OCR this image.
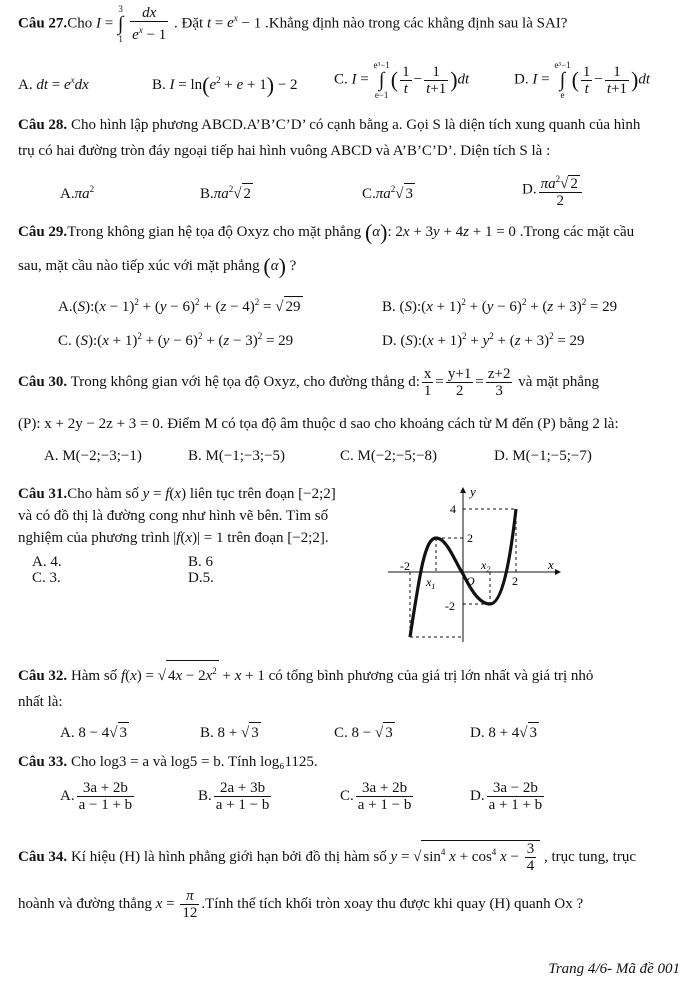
Câu 27.Cho I =
3
∫
1
$\frac{dx}{e^x - 1}$ . Đặt $t = e^x - 1$ .Khẳng định nào trong các khẳng định sau là SAI?
A. dt = $e^xdx$	B. $I = \ln(e^2 + e + 1) - 2$ C. I =
e³−1
∫
e−1
( $\frac{1}{t} - \frac{1}{t+1} )dt$	D. I =
e³−1
∫
e
( $\frac{1}{t} - \frac{1}{t+1} )dt$
Câu 28. Cho hình lập phương ABCD.A’B’C’D’ có cạnh bằng a. Gọi S là diện tích xung quanh của hình
trụ có hai đường tròn đáy ngoại tiếp hai hình vuông ABCD và A’B’C’D’. Diện tích S là :
$A.\pi a^2$	$B.\pi a^2√$ 2	$C.\pi a^2√$ 3	D. $\frac{\pi a^2√ 2}{2}$
Câu 29.Trong không gian hệ tọa độ Oxyz cho mặt phẳng (α): 2x + 3y + 4z + 1 = 0 .Trong các mặt cầu
sau, mặt cầu nào tiếp xúc với mặt phẳng (α) ?
A.(S):(x − $1)^2 + (y - 6)^2 + (z - 4)^2$ = √ 29	B. (S):(x + $1)^2 + (y - 6)^2 + (z + 3)^2 = 29$
C. (S):(x + $1)^2 + (y - 6)^2 + (z - 3)^2 = 29$	D. (S):(x + $1)^2 + y^2 + (z + 3)^2 = 29$
Câu 30. Trong không gian với hệ tọa độ Oxyz, cho đường thẳng d: $\frac{x}{1} = \frac{y+1}{2} = \frac{z+2}{3}$ và mặt phẳng
(P): x + 2y − 2z + 3 = 0. Điểm M có tọa độ âm thuộc d sao cho khoảng cách từ M đến (P) bằng 2 là:
A. M(−2;−3;−1)	B. M(−1;−3;−5)	C. M(−2;−5;−8)	D. M(−1;−5;−7)
Câu 31.Cho hàm số y = f(x) liên tục trên đoạn [−2;2]
và có đồ thị là đường cong như hình vẽ bên. Tìm số
nghiệm của phương trình |f(x)| = 1 trên đoạn [−2;2].
A. 4.	B. 6
C. 3.	D.5.
y
x
4
2
-2
-2
2
O
$x_1$
$x_2$
Câu 32. Hàm số f(x) = √ $4x - 2x^2 + x + 1$ có tổng bình phương của giá trị lớn nhất và giá trị nhỏ
nhất là:
A. 8 − 4√ 3	B. 8 + √ 3	C. 8 − √ 3	D. 8 + 4√ 3
Câu 33. Cho log3 = a và log5 = b. Tính log₆1125.
A. $\frac{3a + 2b}{a - 1 + b}$	B. $\frac{2a + 3b}{a + 1 - b}$	C. $\frac{3a + 2b}{a + 1 - b}$	D. $\frac{3a - 2b}{a + 1 + b}$
Câu 34. Kí hiệu (H) là hình phẳng giới hạn bởi đồ thị hàm số y = √ $\sin^4 x + \cos^4 x - \frac{3}{4}$ , trục tung, trục
hoành và đường thẳng $x = \frac{\pi}{12}$ .Tính thể tích khối tròn xoay thu được khi quay (H) quanh Ox ?
Trang 4/6- Mã đề 001
